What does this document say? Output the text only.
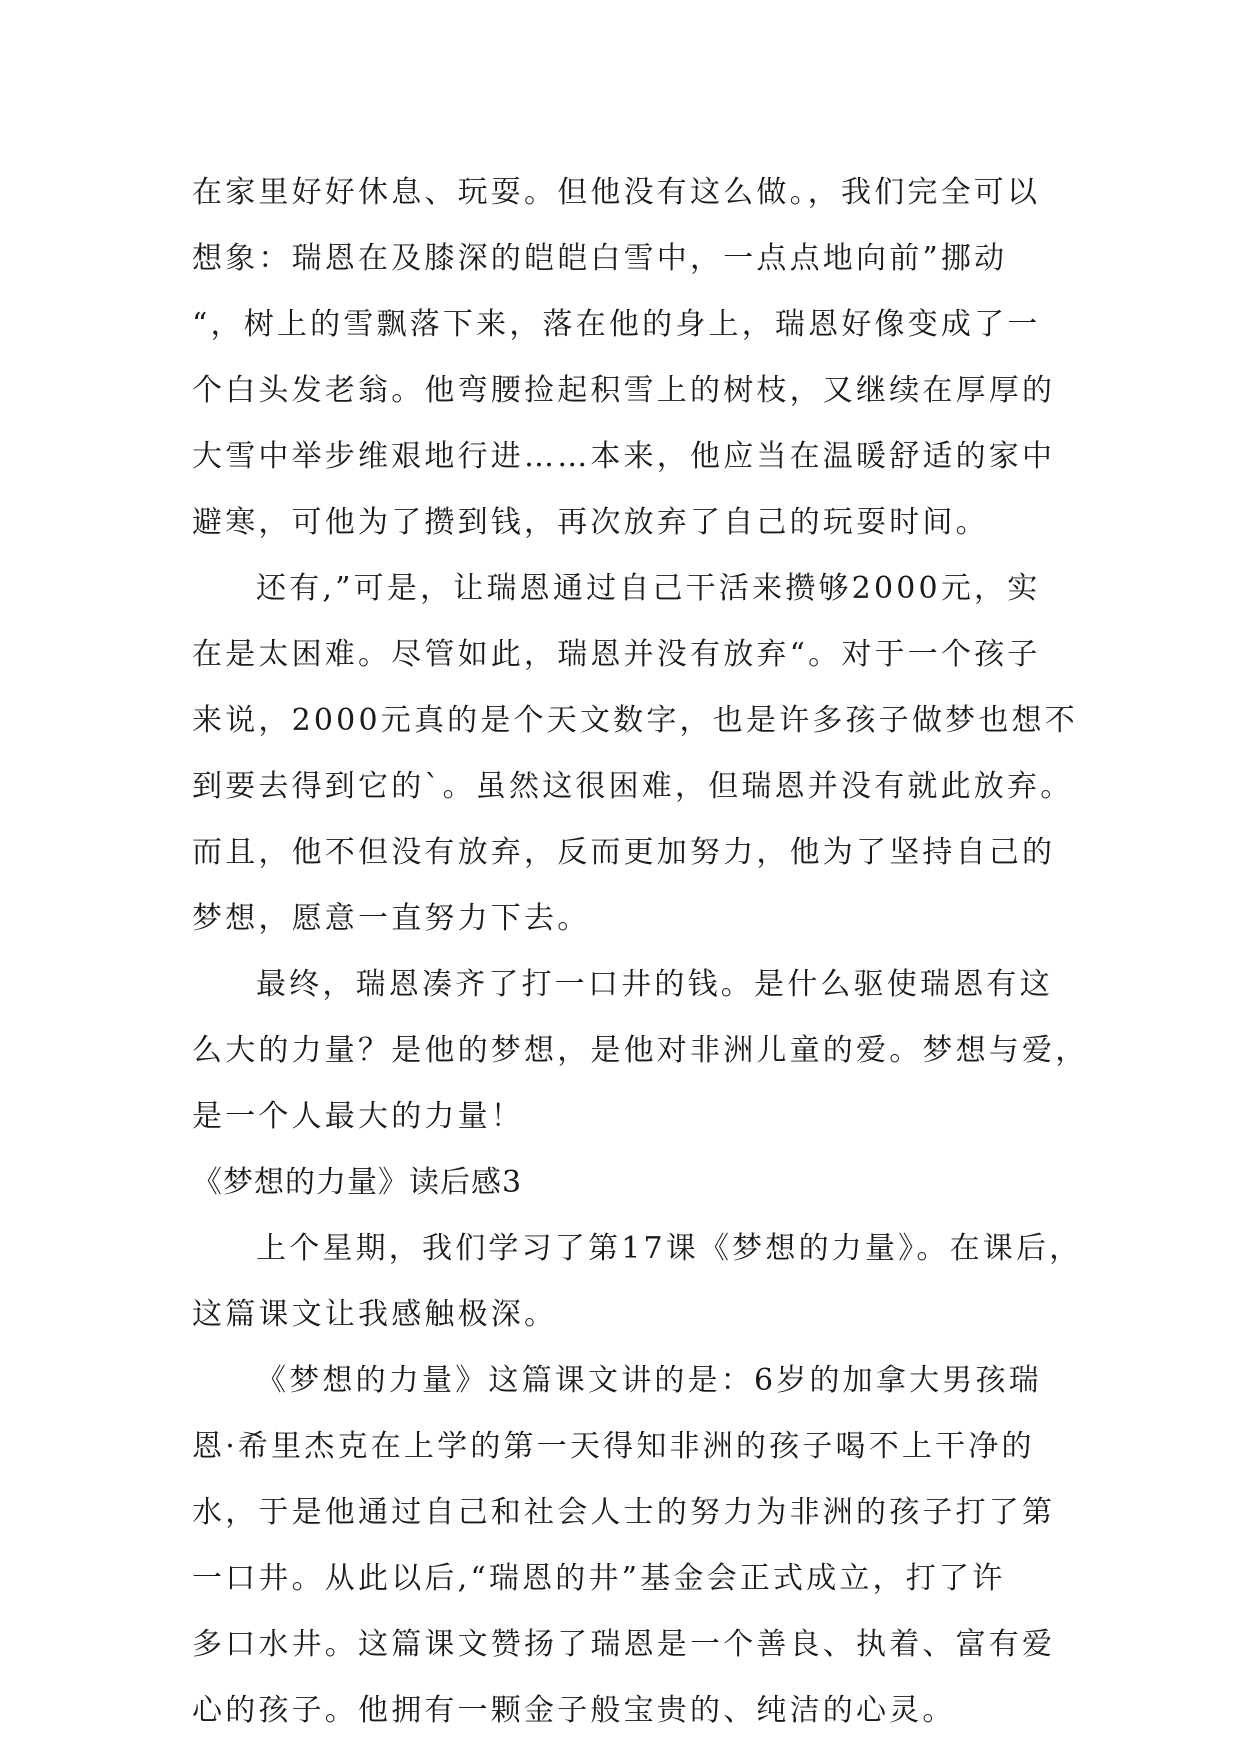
在家里好好休息、玩耍。但他没有这么做。，我们完全可以
想象：瑞恩在及膝深的皑皑白雪中，一点点地向前”挪动
“，树上的雪飘落下来，落在他的身上，瑞恩好像变成了一
个白头发老翁。他弯腰捡起积雪上的树枝，又继续在厚厚的
大雪中举步维艰地行进……本来，他应当在温暖舒适的家中
避寒，可他为了攒到钱，再次放弃了自己的玩耍时间。
还有,”可是，让瑞恩通过自己干活来攒够2000元，实
在是太困难。尽管如此，瑞恩并没有放弃“。对于一个孩子
来说，2000元真的是个天文数字，也是许多孩子做梦也想不
到要去得到它的`。虽然这很困难，但瑞恩并没有就此放弃。
而且，他不但没有放弃，反而更加努力，他为了坚持自己的
梦想，愿意一直努力下去。
最终，瑞恩凑齐了打一口井的钱。是什么驱使瑞恩有这
么大的力量？是他的梦想，是他对非洲儿童的爱。梦想与爱，
是一个人最大的力量！
《梦想的力量》读后感3
上个星期，我们学习了第17课《梦想的力量》。在课后，
这篇课文让我感触极深。
《梦想的力量》这篇课文讲的是：6岁的加拿大男孩瑞
恩·希里杰克在上学的第一天得知非洲的孩子喝不上干净的
水，于是他通过自己和社会人士的努力为非洲的孩子打了第
一口井。从此以后,“瑞恩的井”基金会正式成立，打了许
多口水井。这篇课文赞扬了瑞恩是一个善良、执着、富有爱
心的孩子。他拥有一颗金子般宝贵的、纯洁的心灵。
